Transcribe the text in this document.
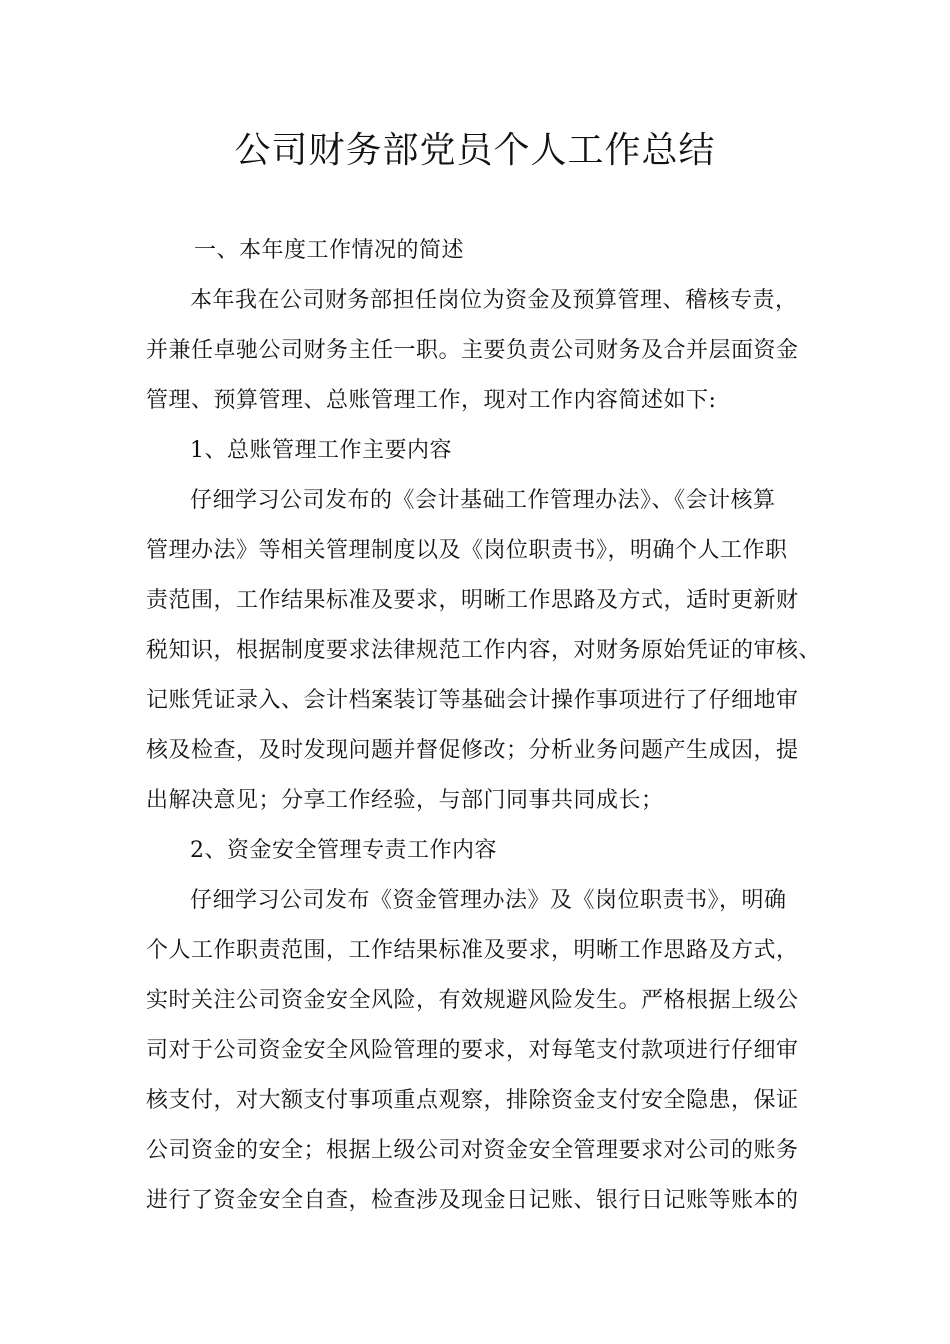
公司财务部党员个人工作总结
一、本年度工作情况的简述
本年我在公司财务部担任岗位为资金及预算管理、稽核专责，
并兼任卓驰公司财务主任一职。主要负责公司财务及合并层面资金
管理、预算管理、总账管理工作，现对工作内容简述如下:
1、总账管理工作主要内容
仔细学习公司发布的《会计基础工作管理办法》、《会计核算
管理办法》等相关管理制度以及《岗位职责书》，明确个人工作职
责范围，工作结果标准及要求，明晰工作思路及方式，适时更新财
税知识，根据制度要求法律规范工作内容，对财务原始凭证的审核、
记账凭证录入、会计档案装订等基础会计操作事项进行了仔细地审
核及检查，及时发现问题并督促修改；分析业务问题产生成因，提
出解决意见；分享工作经验，与部门同事共同成长；
2、资金安全管理专责工作内容
仔细学习公司发布《资金管理办法》及《岗位职责书》，明确
个人工作职责范围，工作结果标准及要求，明晰工作思路及方式，
实时关注公司资金安全风险，有效规避风险发生。严格根据上级公
司对于公司资金安全风险管理的要求，对每笔支付款项进行仔细审
核支付，对大额支付事项重点观察，排除资金支付安全隐患，保证
公司资金的安全；根据上级公司对资金安全管理要求对公司的账务
进行了资金安全自查，检查涉及现金日记账、银行日记账等账本的
